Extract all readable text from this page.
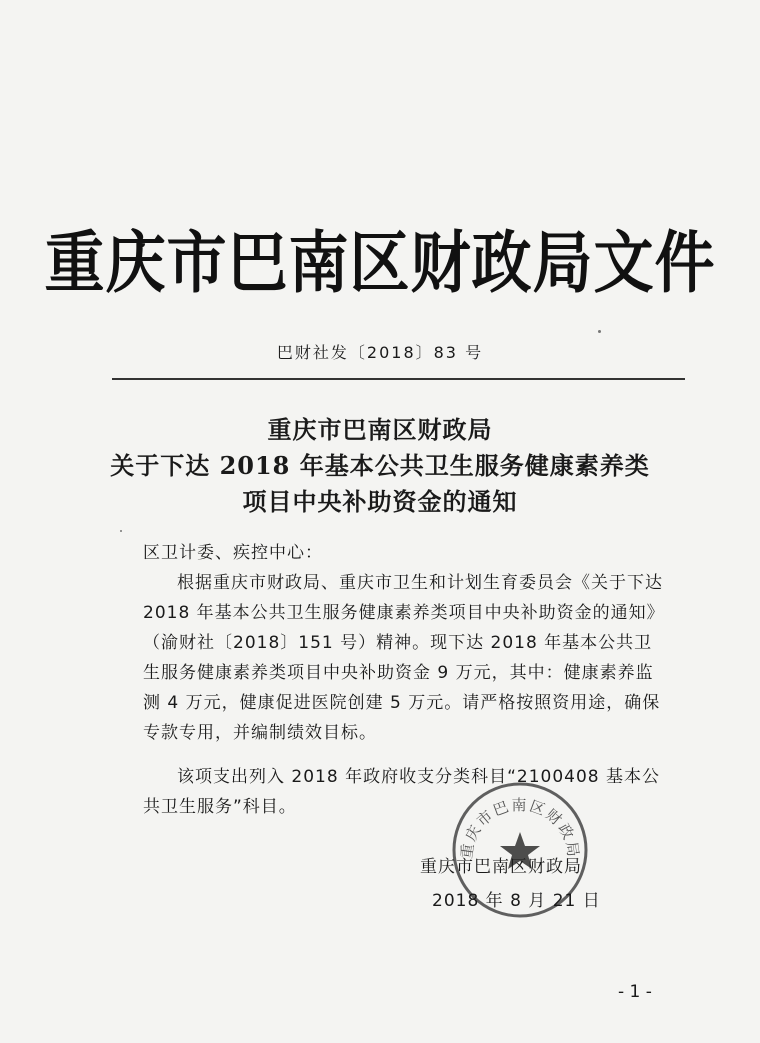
重庆市巴南区财政局文件
巴财社发〔2018〕83 号
重庆市巴南区财政局
关于下达 2018 年基本公共卫生服务健康素养类
项目中央补助资金的通知
区卫计委、疾控中心：
根据重庆市财政局、重庆市卫生和计划生育委员会《关于下达 2018 年基本公共卫生服务健康素养类项目中央补助资金的通知》（渝财社〔2018〕151 号）精神。现下达 2018 年基本公共卫生服务健康素养类项目中央补助资金 9 万元，其中：健康素养监测 4 万元，健康促进医院创建 5 万元。请严格按照资用途，确保专款专用，并编制绩效目标。
该项支出列入 2018 年政府收支分类科目“2100408 基本公共卫生服务”科目。
重庆市巴南区财政局
重庆市巴南区财政局
2018 年 8 月 21 日
- 1 -
